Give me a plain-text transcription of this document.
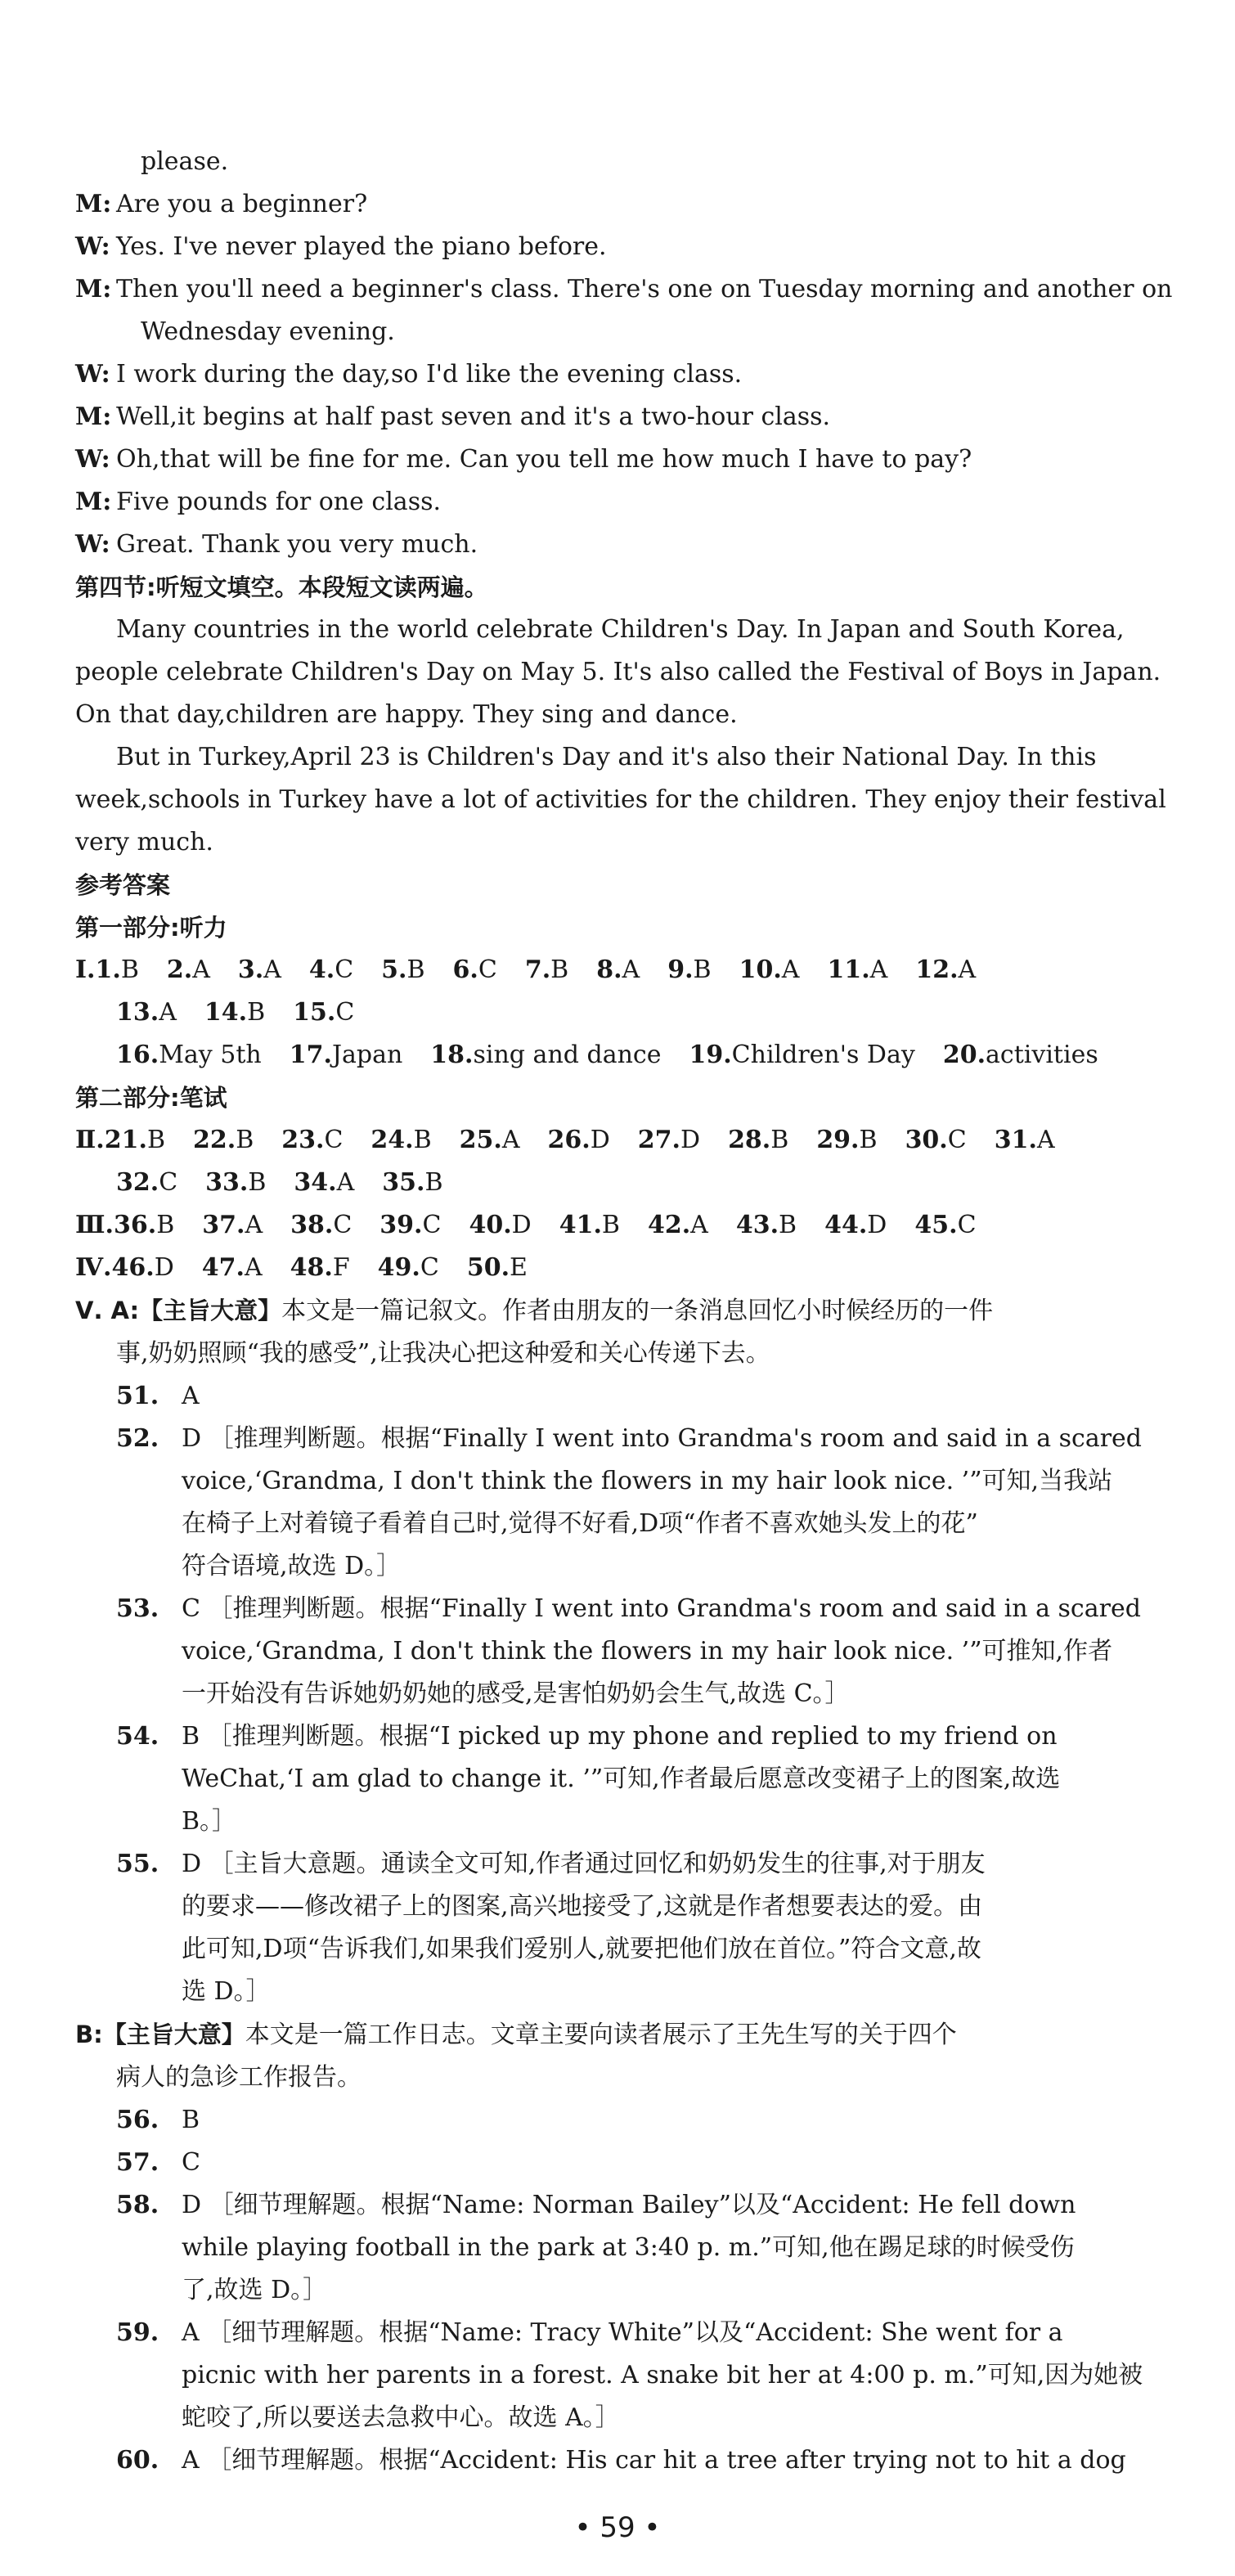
please.
M: Are you a beginner?
W: Yes. I've never played the piano before.
M: Then you'll need a beginner's class. There's one on Tuesday morning and another on
Wednesday evening.
W: I work during the day,so I'd like the evening class.
M: Well,it begins at half past seven and it's a two-hour class.
W: Oh,that will be fine for me. Can you tell me how much I have to pay?
M: Five pounds for one class.
W: Great. Thank you very much.
第四节:听短文填空。本段短文读两遍。
Many countries in the world celebrate Children's Day. In Japan and South Korea,
people celebrate Children's Day on May 5. It's also called the Festival of Boys in Japan.
On that day,children are happy. They sing and dance.
But in Turkey,April 23 is Children's Day and it's also their National Day. In this
week,schools in Turkey have a lot of activities for the children. They enjoy their festival
very much.
参考答案
第一部分:听力
Ⅰ.1.B 2.A 3.A 4.C 5.B 6.C 7.B 8.A 9.B 10.A 11.A 12.A
13.A 14.B 15.C
16.May 5th 17.Japan 18.sing and dance 19.Children's Day 20.activities
第二部分:笔试
Ⅱ.21.B 22.B 23.C 24.B 25.A 26.D 27.D 28.B 29.B 30.C 31.A
32.C 33.B 34.A 35.B
Ⅲ.36.B 37.A 38.C 39.C 40.D 41.B 42.A 43.B 44.D 45.C
Ⅳ.46.D 47.A 48.F 49.C 50.E
Ⅴ. A:【主旨大意】本文是一篇记叙文。作者由朋友的一条消息回忆小时候经历的一件
事,奶奶照顾“我的感受”,让我决心把这种爱和关心传递下去。
51. A
52. D ［推理判断题。根据“Finally I went into Grandma's room and said in a scared
voice,‘Grandma, I don't think the flowers in my hair look nice. ’”可知,当我站
在椅子上对着镜子看着自己时,觉得不好看,D项“作者不喜欢她头发上的花”
符合语境,故选 D。］
53. C ［推理判断题。根据“Finally I went into Grandma's room and said in a scared
voice,‘Grandma, I don't think the flowers in my hair look nice. ’”可推知,作者
一开始没有告诉她奶奶她的感受,是害怕奶奶会生气,故选 C。］
54. B ［推理判断题。根据“I picked up my phone and replied to my friend on
WeChat,‘I am glad to change it. ’”可知,作者最后愿意改变裙子上的图案,故选
B。］
55. D ［主旨大意题。通读全文可知,作者通过回忆和奶奶发生的往事,对于朋友
的要求——修改裙子上的图案,高兴地接受了,这就是作者想要表达的爱。由
此可知,D项“告诉我们,如果我们爱别人,就要把他们放在首位。”符合文意,故
选 D。］
B:【主旨大意】本文是一篇工作日志。文章主要向读者展示了王先生写的关于四个
病人的急诊工作报告。
56. B
57. C
58. D ［细节理解题。根据“Name: Norman Bailey”以及“Accident: He fell down
while playing football in the park at 3:40 p. m.”可知,他在踢足球的时候受伤
了,故选 D。］
59. A ［细节理解题。根据“Name: Tracy White”以及“Accident: She went for a
picnic with her parents in a forest. A snake bit her at 4:00 p. m.”可知,因为她被
蛇咬了,所以要送去急救中心。故选 A。］
60. A ［细节理解题。根据“Accident: His car hit a tree after trying not to hit a dog
• 59 •
